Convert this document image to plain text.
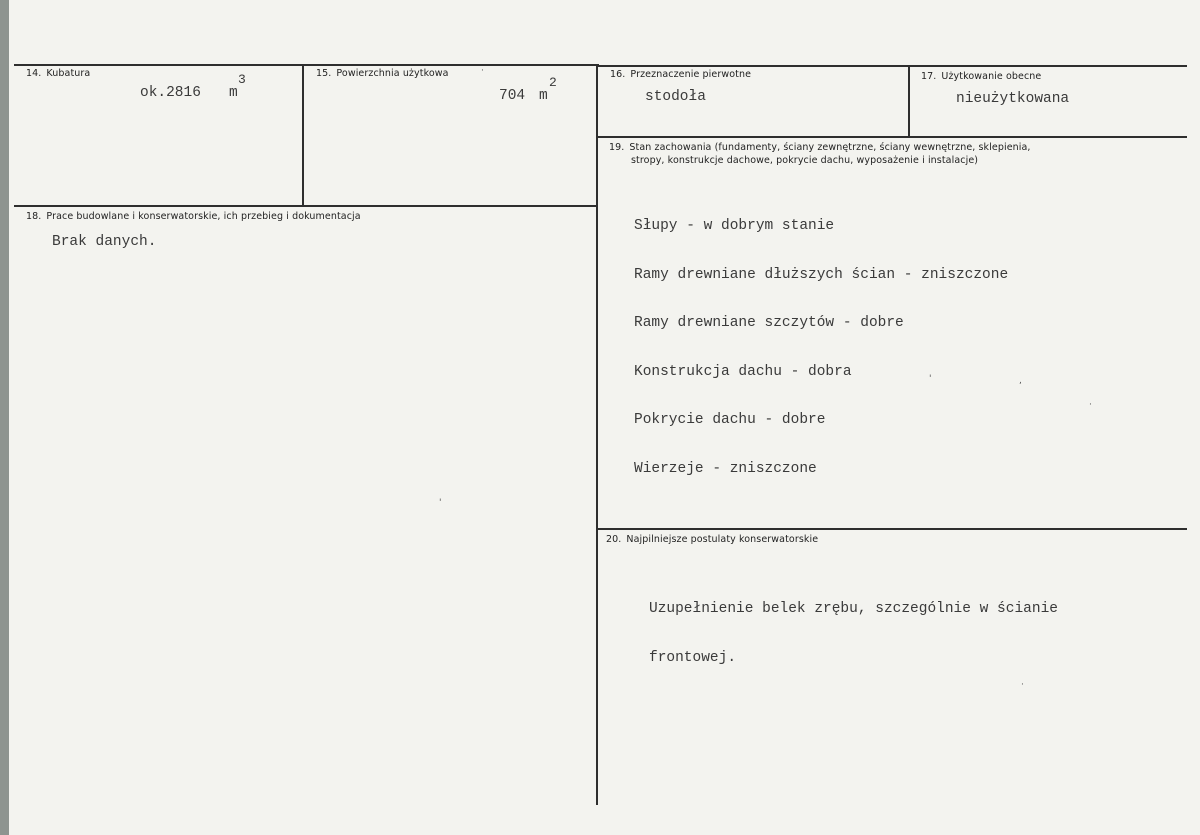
14. Kubatura
ok.2816
3
m
15. Powierzchnia użytkowa
704
2
m
16. Przeznaczenie pierwotne
stodoła
17. Użytkowanie obecne
nieużytkowana
19. Stan zachowania (fundamenty, ściany zewnętrzne, ściany wewnętrzne, sklepienia,
stropy, konstrukcje dachowe, pokrycie dachu, wyposażenie i instalacje)

Słupy - w dobrym stanie

Ramy drewniane dłuższych ścian - zniszczone

Ramy drewniane szczytów - dobre

Konstrukcja dachu - dobra

Pokrycie dachu - dobre

Wierzeje - zniszczone

18. Prace budowlane i konserwatorskie, ich przebieg i dokumentacja
Brak danych.
20. Najpilniejsze postulaty konserwatorskie

Uzupełnienie belek zrębu, szczególnie w ścianie

frontowej.

'	,
·
'
·
·
